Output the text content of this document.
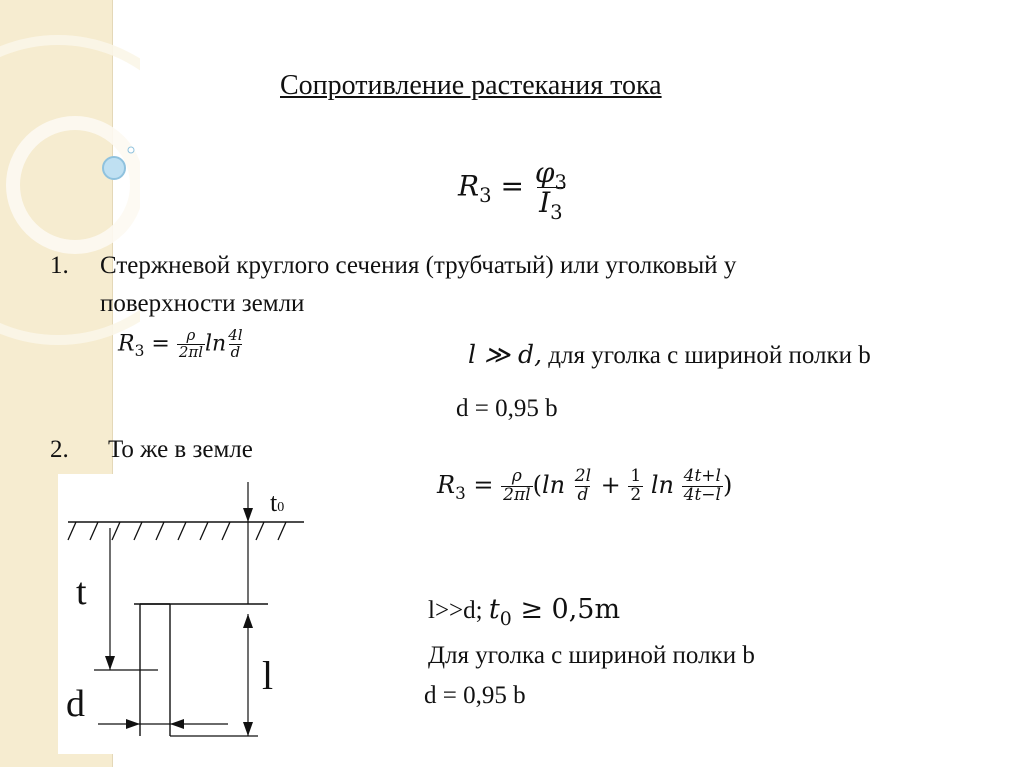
Сопротивление растекания тока
$R_3 = \frac{\varphi_3}{I_3}$
1. Стержневой круглого сечения (трубчатый) или уголковый у
поверхности земли
$R_3 = \frac{\rho}{2\pi l}$ $\ln \frac{4l}{d}$	l ≫ d, для уголка с шириной полки b
d = 0,95 b
2. То же в земле
$R_3 = \frac{\rho}{2\pi l} (\ln \frac{2l}{d} + \frac{1}{2}$ $\ln \frac{4t+l}{4t-l}$ )
l>>d; $t_0 \ge 0,5m$
Для уголка с шириной полки b
d = 0,95 b
t0
t
l
d
